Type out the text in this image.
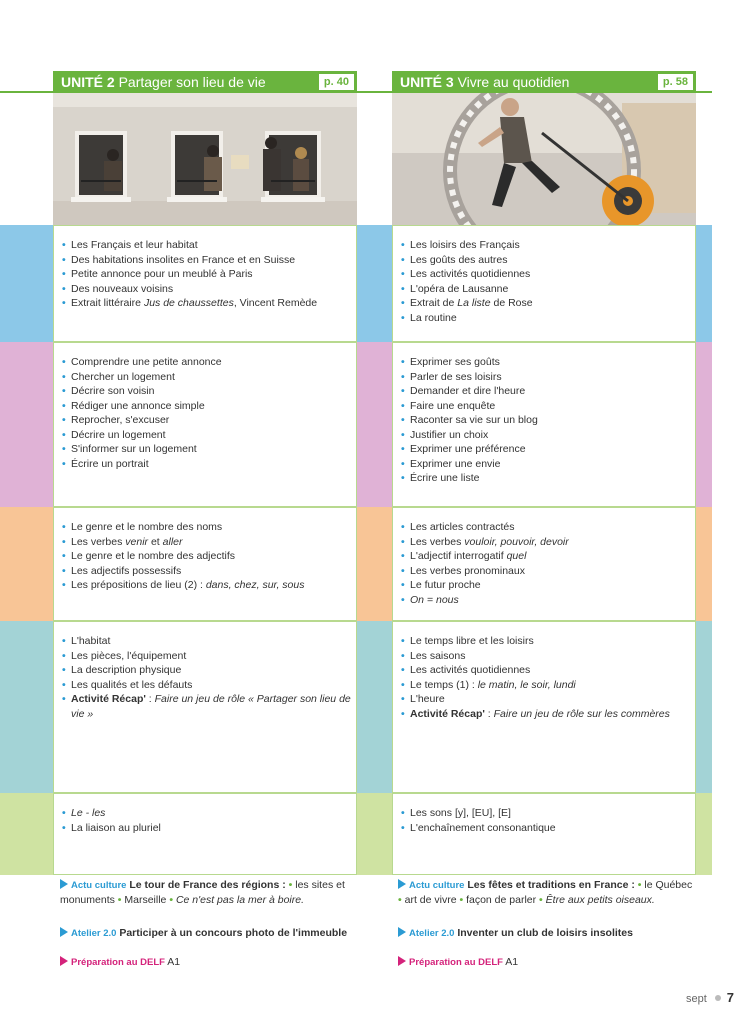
UNITÉ 2 Partager son lieu de vie	p. 40
• Les Français et leur habitat
• Des habitations insolites en France et en Suisse
• Petite annonce pour un meublé à Paris
• Des nouveaux voisins
• Extrait littéraire Jus de chaussettes, Vincent Remède
• Comprendre une petite annonce
• Chercher un logement
• Décrire son voisin
• Rédiger une annonce simple
• Reprocher, s'excuser
• Décrire un logement
• S'informer sur un logement
• Écrire un portrait
• Le genre et le nombre des noms
• Les verbes venir et aller
• Le genre et le nombre des adjectifs
• Les adjectifs possessifs
• Les prépositions de lieu (2) : dans, chez, sur, sous
• L'habitat
• Les pièces, l'équipement
• La description physique
• Les qualités et les défauts
• Activité Récap' : Faire un jeu de rôle « Partager son lieu de vie »
• Le - les
• La liaison au pluriel
Actu culture Le tour de France des régions : • les sites et monuments • Marseille • Ce n'est pas la mer à boire.
Atelier 2.0 Participer à un concours photo de l'immeuble
Préparation au DELF A1
UNITÉ 3 Vivre au quotidien	p. 58
• Les loisirs des Français
• Les goûts des autres
• Les activités quotidiennes
• L'opéra de Lausanne
• Extrait de La liste de Rose
• La routine
• Exprimer ses goûts
• Parler de ses loisirs
• Demander et dire l'heure
• Faire une enquête
• Raconter sa vie sur un blog
• Justifier un choix
• Exprimer une préférence
• Exprimer une envie
• Écrire une liste
• Les articles contractés
• Les verbes vouloir, pouvoir, devoir
• L'adjectif interrogatif quel
• Les verbes pronominaux
• Le futur proche
• On = nous
• Le temps libre et les loisirs
• Les saisons
• Les activités quotidiennes
• Le temps (1) : le matin, le soir, lundi
• L'heure
• Activité Récap' : Faire un jeu de rôle sur les commères
• Les sons [y], [EU], [E]
• L'enchaînement consonantique
Actu culture Les fêtes et traditions en France : • le Québec
• art de vivre • façon de parler • Être aux petits oiseaux.
Atelier 2.0 Inventer un club de loisirs insolites
Préparation au DELF A1
sept 7
